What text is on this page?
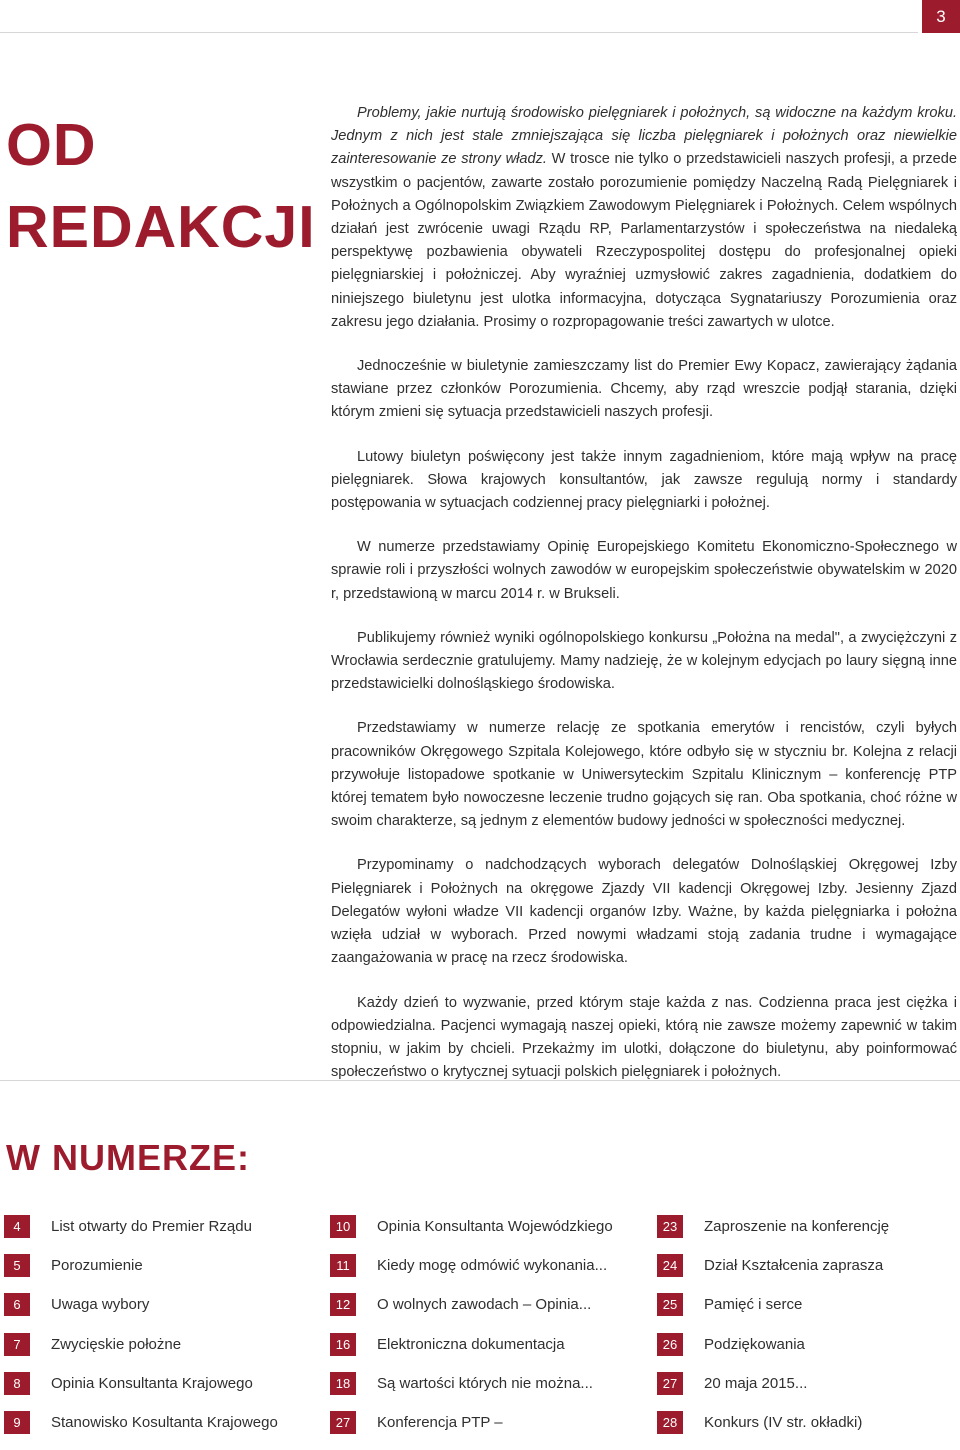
3
OD
REDAKCJI

Problemy, jakie nurtują środowisko pielęgniarek i położnych, są widoczne na każdym kroku. Jednym z nich jest stale zmniejszająca się liczba pielęgniarek i położnych oraz niewielkie zainteresowanie ze strony władz. W trosce nie tylko o przedstawicieli naszych profesji, a przede wszystkim o pacjentów, zawarte zostało porozumienie pomiędzy Naczelną Radą Pielęgniarek i Położnych a Ogólnopolskim Związkiem Zawodowym Pielęgniarek i Położnych. Celem wspólnych działań jest zwrócenie uwagi Rządu RP, Parlamentarzystów i społeczeństwa na niedaleką perspektywę pozbawienia obywateli Rzeczypospolitej dostępu do profesjonalnej opieki pielęgniarskiej i położniczej. Aby wyraźniej uzmysłowić zakres zagadnienia, dodatkiem do niniejszego biuletynu jest ulotka informacyjna, dotycząca Sygnatariuszy Porozumienia oraz zakresu jego działania. Prosimy o rozpropagowanie treści zawartych w ulotce.

Jednocześnie w biuletynie zamieszczamy list do Premier Ewy Kopacz, zawierający żądania stawiane przez członków Porozumienia. Chcemy, aby rząd wreszcie podjął starania, dzięki którym zmieni się sytuacja przedstawicieli naszych profesji.

Lutowy biuletyn poświęcony jest także innym zagadnieniom, które mają wpływ na pracę pielęgniarek. Słowa krajowych konsultantów, jak zawsze regulują normy i standardy postępowania w sytuacjach codziennej pracy pielęgniarki i położnej.

W numerze przedstawiamy Opinię Europejskiego Komitetu Ekonomiczno-Społecznego w sprawie roli i przyszłości wolnych zawodów w europejskim społeczeństwie obywatelskim w 2020 r, przedstawioną w marcu 2014 r. w Brukseli.

Publikujemy również wyniki ogólnopolskiego konkursu „Położna na medal", a zwyciężczyni z Wrocławia serdecznie gratulujemy. Mamy nadzieję, że w kolejnym edycjach po laury sięgną inne przedstawicielki dolnośląskiego środowiska.

Przedstawiamy w numerze relację ze spotkania emerytów i rencistów, czyli byłych pracowników Okręgowego Szpitala Kolejowego, które odbyło się w styczniu br. Kolejna z relacji przywołuje listopadowe spotkanie w Uniwersyteckim Szpitalu Klinicznym – konferencję PTP której tematem było nowoczesne leczenie trudno gojących się ran. Oba spotkania, choć różne w swoim charakterze, są jednym z elementów budowy jedności w społeczności medycznej.

Przypominamy o nadchodzących wyborach delegatów Dolnośląskiej Okręgowej Izby Pielęgniarek i Położnych na okręgowe Zjazdy VII kadencji Okręgowej Izby. Jesienny Zjazd Delegatów wyłoni władze VII kadencji organów Izby. Ważne, by każda pielęgniarka i położna wzięła udział w wyborach. Przed nowymi władzami stoją zadania trudne i wymagające zaangażowania w pracę na rzecz środowiska.

Każdy dzień to wyzwanie, przed którym staje każda z nas. Codzienna praca jest ciężka i odpowiedzialna. Pacjenci wymagają naszej opieki, którą nie zawsze możemy zapewnić w takim stopniu, w jakim by chcieli. Przekażmy im ulotki, dołączone do biuletynu, aby poinformować społeczeństwo o krytycznej sytuacji polskich pielęgniarek i położnych.

W NUMERZE:
4	List otwarty do Premier Rządu
5	Porozumienie
6	Uwaga wybory
7	Zwycięskie położne
8	Opinia Konsultanta Krajowego
9	Stanowisko Kosultanta Krajowego
10	Opinia Konsultanta Wojewódzkiego
11	Kiedy mogę odmówić wykonania...
12	O wolnych zawodach – Opinia...
16	Elektroniczna dokumentacja
18	Są wartości których nie można...
27	Konferencja PTP –
23	Zaproszenie na konferencję
24	Dział Kształcenia zaprasza
25	Pamięć i serce
26	Podziękowania
27	20 maja 2015...
28	Konkurs (IV str. okładki)
